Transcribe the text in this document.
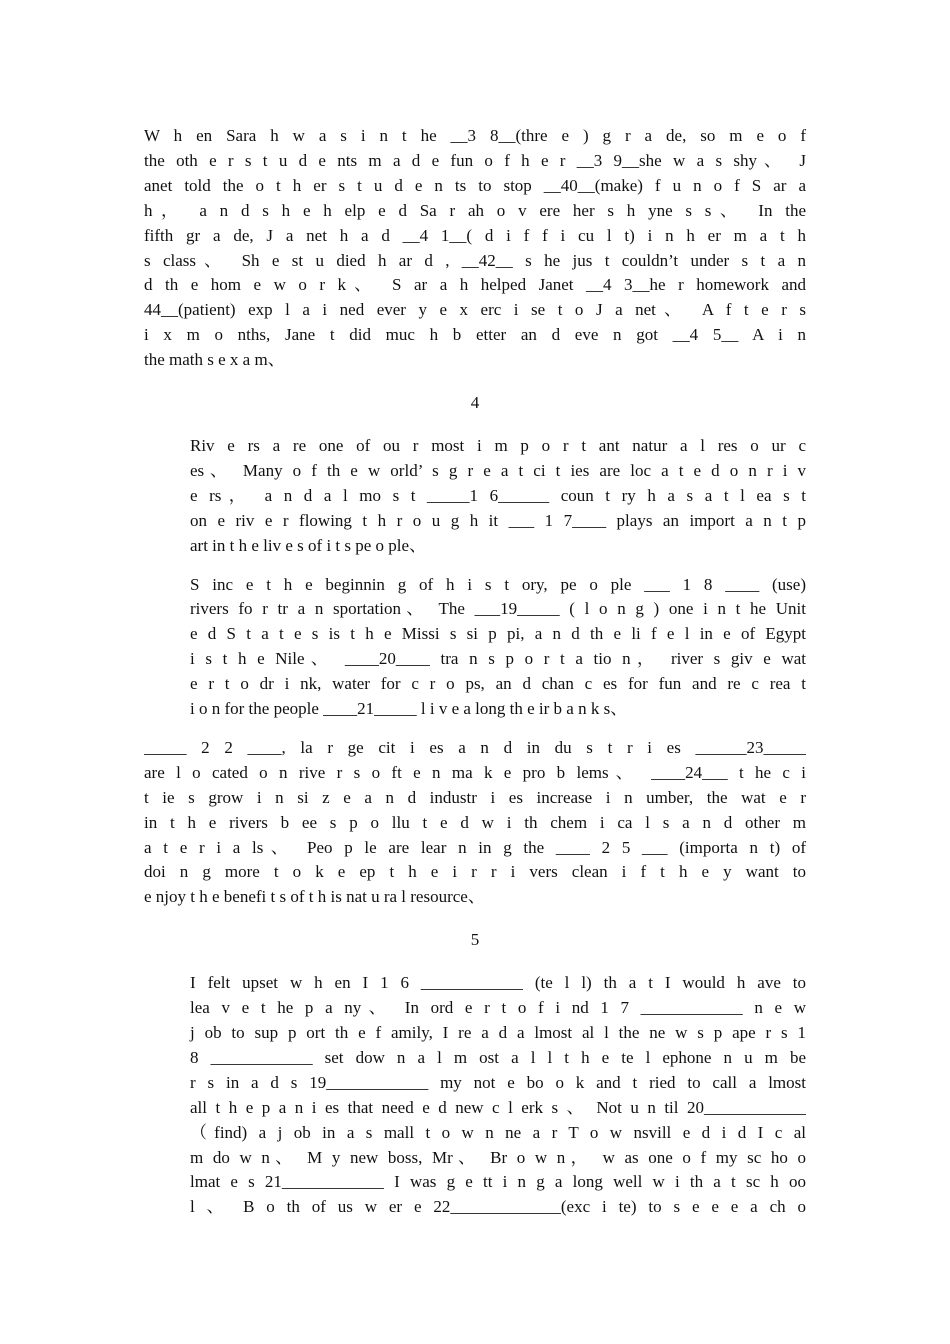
W h en Sara h w a s i n t he __3 8__(thre e ) g r a de, so m e o f
the oth e r s t u d e nts m a d e fun o f h e r __3 9__she w a s shy、 J
anet told the o t h er s t u d e n ts to stop __40__(make) f u n o f S ar a
h， a n d s h e h elp e d Sa r ah o v ere her s h yne s s、 In the
fifth gr a de, J a net h a d __4 1__( d i f f i cu l t) i n h er m a t h
s class、 Sh e st u died h ar d , __42__ s he jus t couldn’t under s t a n
d th e hom e w o r k、 S ar a h helped Janet __4 3__he r homework and
44__(patient) exp l a i ned ever y e x erc i se t o J a net、 A f t e r s
i x m o nths, Jane t did muc h b etter an d eve n got __4 5__ A i n
the math s e x a m、

4

Riv e rs a re one of ou r most i m p o r t ant natur a l res o ur c
es、 Many o f th e w orld’ s g r e a t ci t ies are loc a t e d o n r i v
e rs， a n d a l mo s t _____1 6______ coun t ry h a s a t l ea s t
on e riv e r flowing t h r o u g h it ___ 1 7____ plays an import a n t p
art in t h e liv e s of i t s pe o ple、

S inc e t h e beginnin g of h i s t ory, pe o ple ___ 1 8 ____ (use)
rivers fo r tr a n sportation、 The ___19_____ ( l o n g ) one i n t he Unit
e d S t a t e s is t h e Missi s si p pi, a n d th e li f e l in e of Egypt
i s t h e Nile、 ____20____ tra n s p o r t a tio n， river s giv e wat
e r t o dr i nk, water for c r o ps, an d chan c es for fun and re c rea t
i o n for the people ____21_____ l i v e a long th e ir b a n k s、

_____ 2 2 ____, la r ge cit i es a n d in du s t r i es ______23_____
are l o cated o n rive r s o ft e n ma k e pro b lems、 ____24___ t he c i
t ie s grow i n si z e a n d industr i es increase i n umber, the wat e r
in t h e rivers b ee s p o llu t e d w i th chem i ca l s a n d other m
a t e r i a ls、 Peo p le are lear n in g the ____ 2 5 ___ (importa n t) of
doi n g more t o k e ep t h e i r r i vers clean i f t h e y want to
e njoy t h e benefi t s of t h is nat u ra l resource、

5

I felt upset w h en I 1 6 ____________ (te l l) th a t I would h ave to
lea v e t he p a ny、 In ord e r t o f i nd 1 7 ____________ n e w
j ob to sup p ort th e f amily, I re a d a lmost al l the ne w s p ape r s 1
8 ____________ set dow n a l m ost a l l t h e te l ephone n u m be
r s in a d s 19____________ my not e bo o k and t ried to call a lmost
all t h e p a n i es that need e d new c l erk s 、 Not u n til 20____________
（find) a j ob in a s mall t o w n ne a r T o w nsvill e d i d I c al
m do w n、 M y new boss, Mr、 Br o w n， w as one o f my sc ho o
lmat e s 21____________ I was g e tt i n g a long well w i th a t sc h oo
l 、 B o th of us w er e 22_____________(exc i te) to s e e e a ch o
